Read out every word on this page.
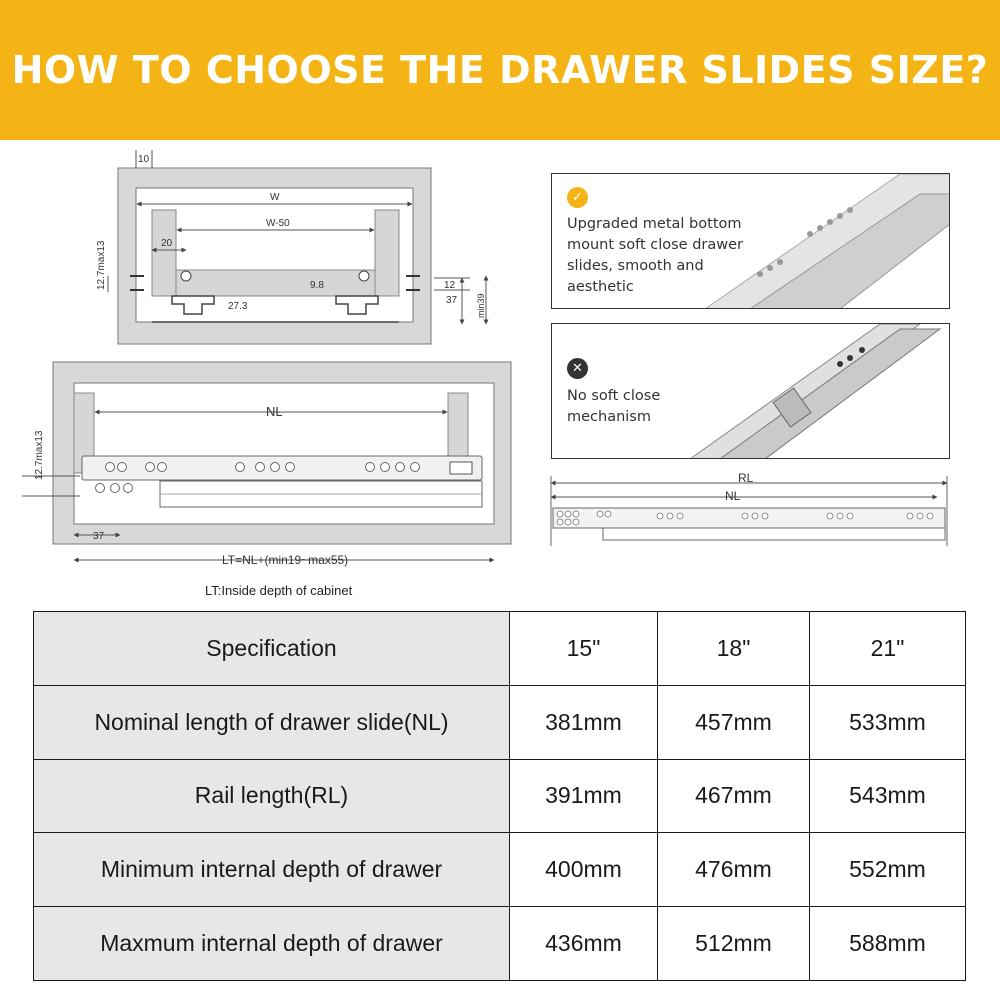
HOW TO CHOOSE THE DRAWER SLIDES SIZE?
10
W
W-50
20
12.7max13	9.8
27.3
12
37 min39
NL
12.7max13
37
LT=NL+(min19~max55)
RL
NL
✓
Upgraded metal bottom
mount soft close drawer
slides, smooth and
aesthetic
✕
No soft close
mechanism
LT:Inside depth of cabinet
Specification	15"	18"	21"
Nominal length of drawer slide(NL)	381mm	457mm	533mm
Rail length(RL)	391mm	467mm	543mm
Minimum internal depth of drawer	400mm	476mm	552mm
Maxmum internal depth of drawer	436mm	512mm	588mm
